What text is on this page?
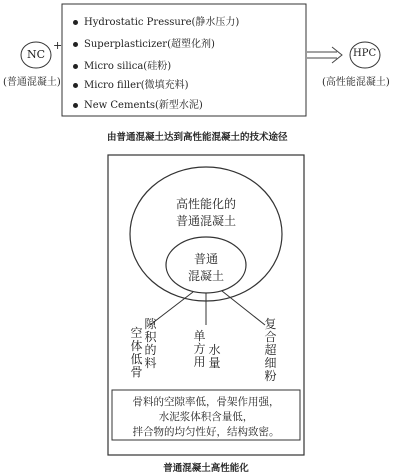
NC
(普通混凝土)
+
Hydrostatic Pressure(静水压力)
Superplasticizer(超塑化剂)
Micro silica(硅粉)
Micro filler(微填充料)
New Cements(新型水泥)
HPC
(高性能混凝土)
由普通混凝土达到高性能混凝土的技术途径
高性能化的
普通混凝土
普通
混凝土
空体低骨
隙积的料
单方用
水量
复合超细粉
骨料的空隙率低，骨架作用强，
水泥浆体积含量低，
拌合物的均匀性好，结构致密。
普通混凝土高性能化
